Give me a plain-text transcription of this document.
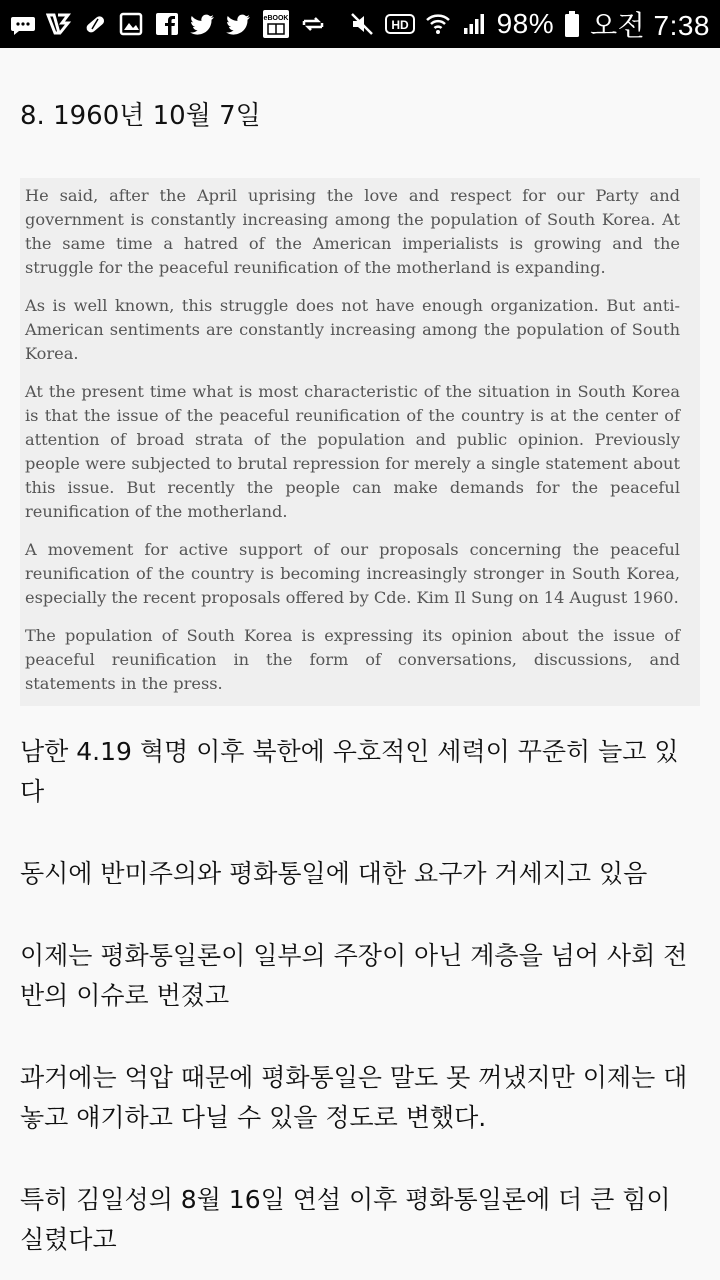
eBOOK	HD	98% 오전 7:38
8. 1960년 10월 7일

He said, after the April uprising the love and respect for our Party and government is constantly increasing among the population of South Korea. At the same time a hatred of the American imperialists is growing and the struggle for the peaceful reunification of the motherland is expanding.

As is well known, this struggle does not have enough organization. But anti-American sentiments are constantly increasing among the population of South Korea.

At the present time what is most characteristic of the situation in South Korea is that the issue of the peaceful reunification of the country is at the center of attention of broad strata of the population and public opinion. Previously people were subjected to brutal repression for merely a single statement about this issue. But recently the people can make demands for the peaceful reunification of the motherland.

A movement for active support of our proposals concerning the peaceful reunification of the country is becoming increasingly stronger in South Korea, especially the recent proposals offered by Cde. Kim Il Sung on 14 August 1960.

The population of South Korea is expressing its opinion about the issue of peaceful reunification in the form of conversations, discussions, and statements in the press.

남한 4.19 혁명 이후 북한에 우호적인 세력이 꾸준히 늘고 있다

동시에 반미주의와 평화통일에 대한 요구가 거세지고 있음

이제는 평화통일론이 일부의 주장이 아닌 계층을 넘어 사회 전반의 이슈로 번졌고

과거에는 억압 때문에 평화통일은 말도 못 꺼냈지만 이제는 대놓고 얘기하고 다닐 수 있을 정도로 변했다.

특히 김일성의 8월 16일 연설 이후 평화통일론에 더 큰 힘이 실렸다고
